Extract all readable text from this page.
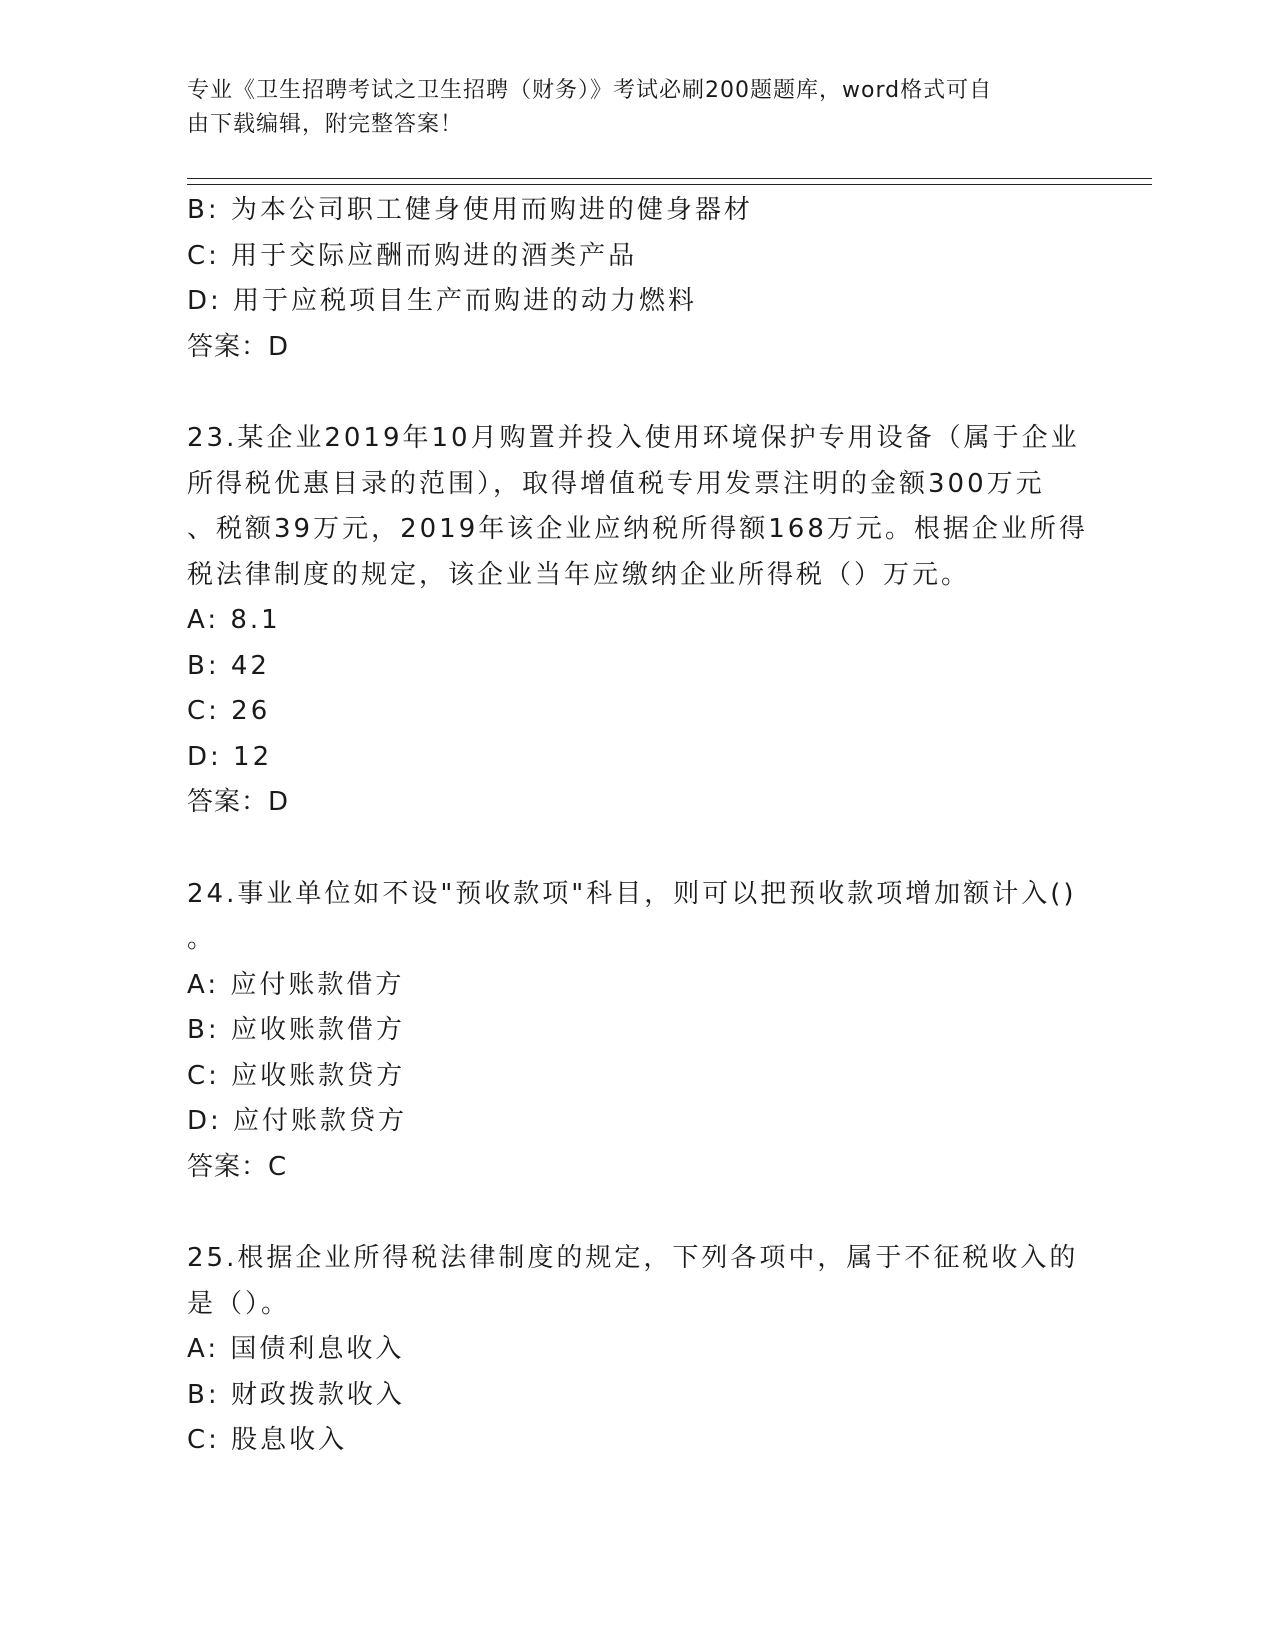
专业《卫生招聘考试之卫生招聘（财务）》考试必刷200题题库，word格式可自
由下载编辑，附完整答案！
B: 为本公司职工健身使用而购进的健身器材
C: 用于交际应酬而购进的酒类产品
D: 用于应税项目生产而购进的动力燃料
答案：D
23.某企业2019年10月购置并投入使用环境保护专用设备（属于企业
所得税优惠目录的范围），取得增值税专用发票注明的金额300万元
、税额39万元，2019年该企业应纳税所得额168万元。根据企业所得
税法律制度的规定，该企业当年应缴纳企业所得税（）万元。
A: 8.1
B: 42
C: 26
D: 12
答案：D
24.事业单位如不设"预收款项"科目，则可以把预收款项增加额计入()
。
A: 应付账款借方
B: 应收账款借方
C: 应收账款贷方
D: 应付账款贷方
答案：C
25.根据企业所得税法律制度的规定，下列各项中，属于不征税收入的
是（）。
A: 国债利息收入
B: 财政拨款收入
C: 股息收入
